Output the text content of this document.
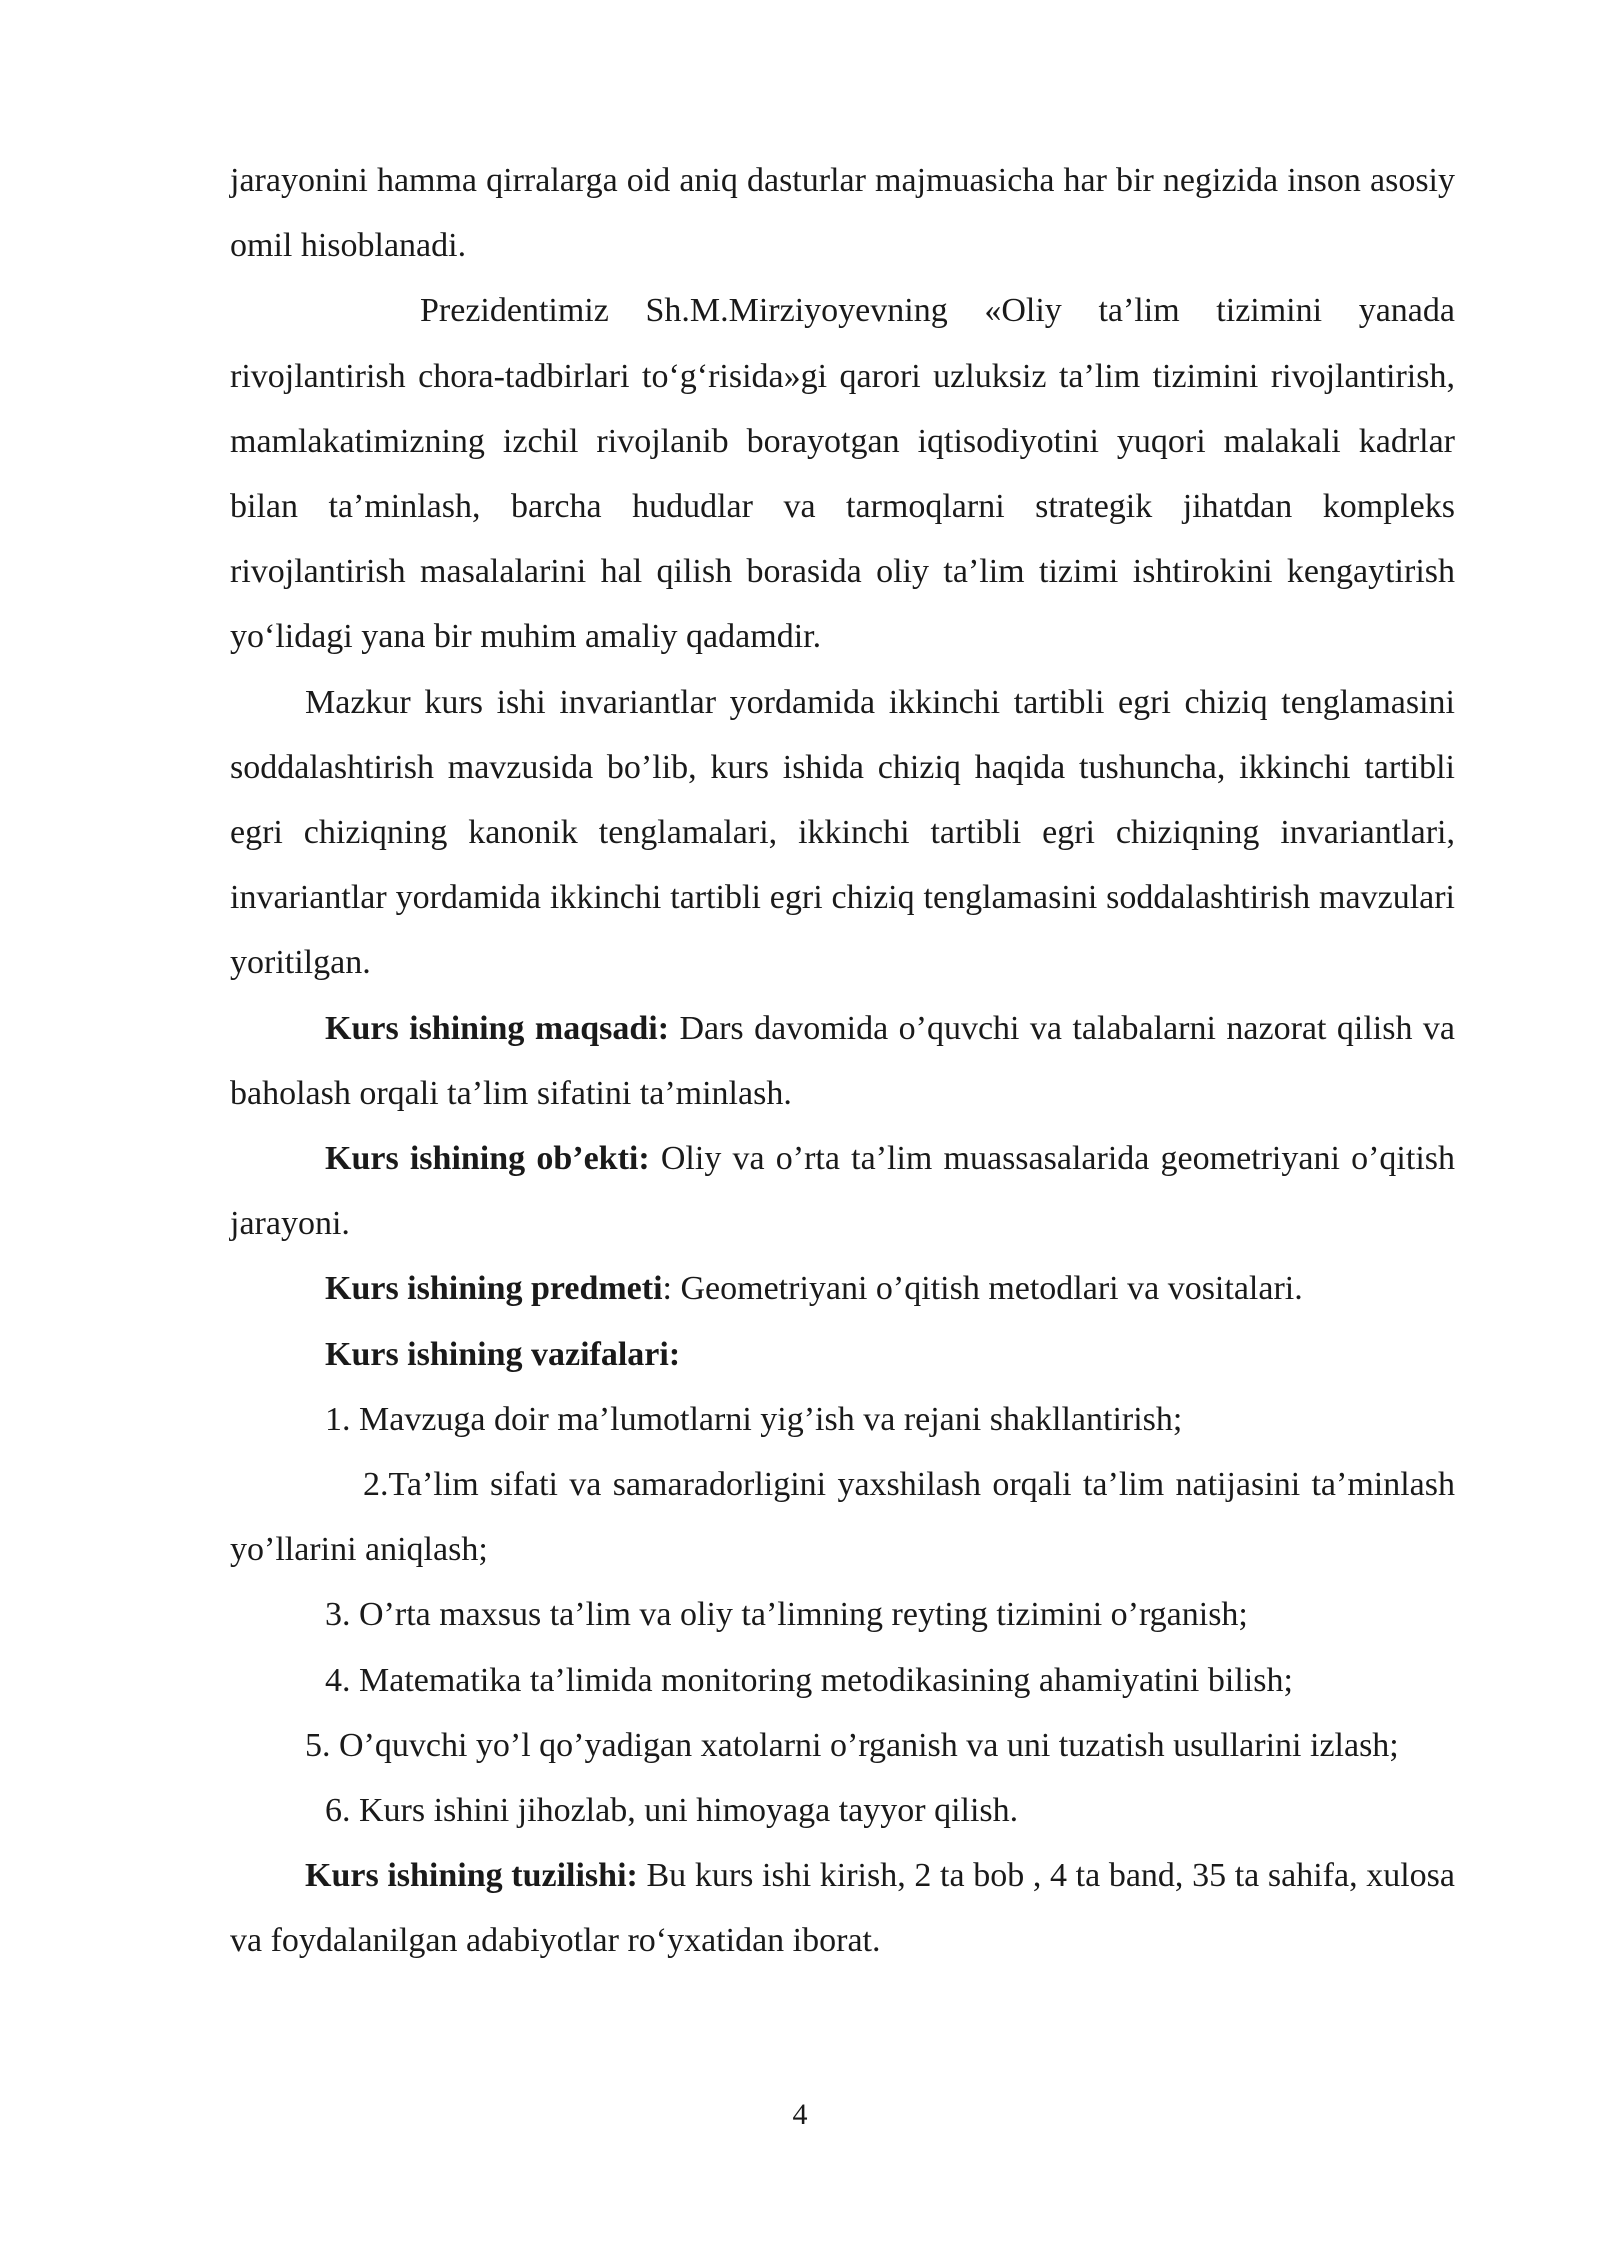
jarayonini hamma qirralarga oid aniq dasturlar majmuasicha har bir negizida inson asosiy omil hisoblanadi.

Prezidentimiz Sh.M.Mirziyoyevning «Oliy ta’lim tizimini yanada rivojlantirish chora-tadbirlari to‘g‘risida»gi qarori uzluksiz ta’lim tizimini rivojlantirish, mamlakatimizning izchil rivojlanib borayotgan iqtisodiyotini yuqori malakali kadrlar bilan ta’minlash, barcha hududlar va tarmoqlarni strategik jihatdan kompleks rivojlantirish masalalarini hal qilish borasida oliy ta’lim tizimi ishtirokini kengaytirish yo‘lidagi yana bir muhim amaliy qadamdir.

Mazkur kurs ishi invariantlar yordamida ikkinchi tartibli egri chiziq tenglamasini soddalashtirish mavzusida bo’lib, kurs ishida chiziq haqida tushuncha, ikkinchi tartibli egri chiziqning kanonik tenglamalari, ikkinchi tartibli egri chiziqning invariantlari, invariantlar yordamida ikkinchi tartibli egri chiziq tenglamasini soddalashtirish mavzulari yoritilgan.

Kurs ishining maqsadi: Dars davomida o’quvchi va talabalarni nazorat qilish va baholash orqali ta’lim sifatini ta’minlash.

Kurs ishining ob’ekti: Oliy va o’rta ta’lim muassasalarida geometriyani o’qitish jarayoni.

Kurs ishining predmeti: Geometriyani o’qitish metodlari va vositalari.

Kurs ishining vazifalari:

1. Mavzuga doir ma’lumotlarni yig’ish va rejani shakllantirish;

2.Ta’lim sifati va samaradorligini yaxshilash orqali ta’lim natijasini ta’minlash yo’llarini aniqlash;

3. O’rta maxsus ta’lim va oliy ta’limning reyting tizimini o’rganish;

4. Matematika ta’limida monitoring metodikasining ahamiyatini bilish;

5. O’quvchi yo’l qo’yadigan xatolarni o’rganish va uni tuzatish usullarini izlash;

6. Kurs ishini jihozlab, uni himoyaga tayyor qilish.

Kurs ishining tuzilishi: Bu kurs ishi kirish, 2 ta bob , 4 ta band, 35 ta sahifa, xulosa va foydalanilgan adabiyotlar ro‘yxatidan iborat.

4
